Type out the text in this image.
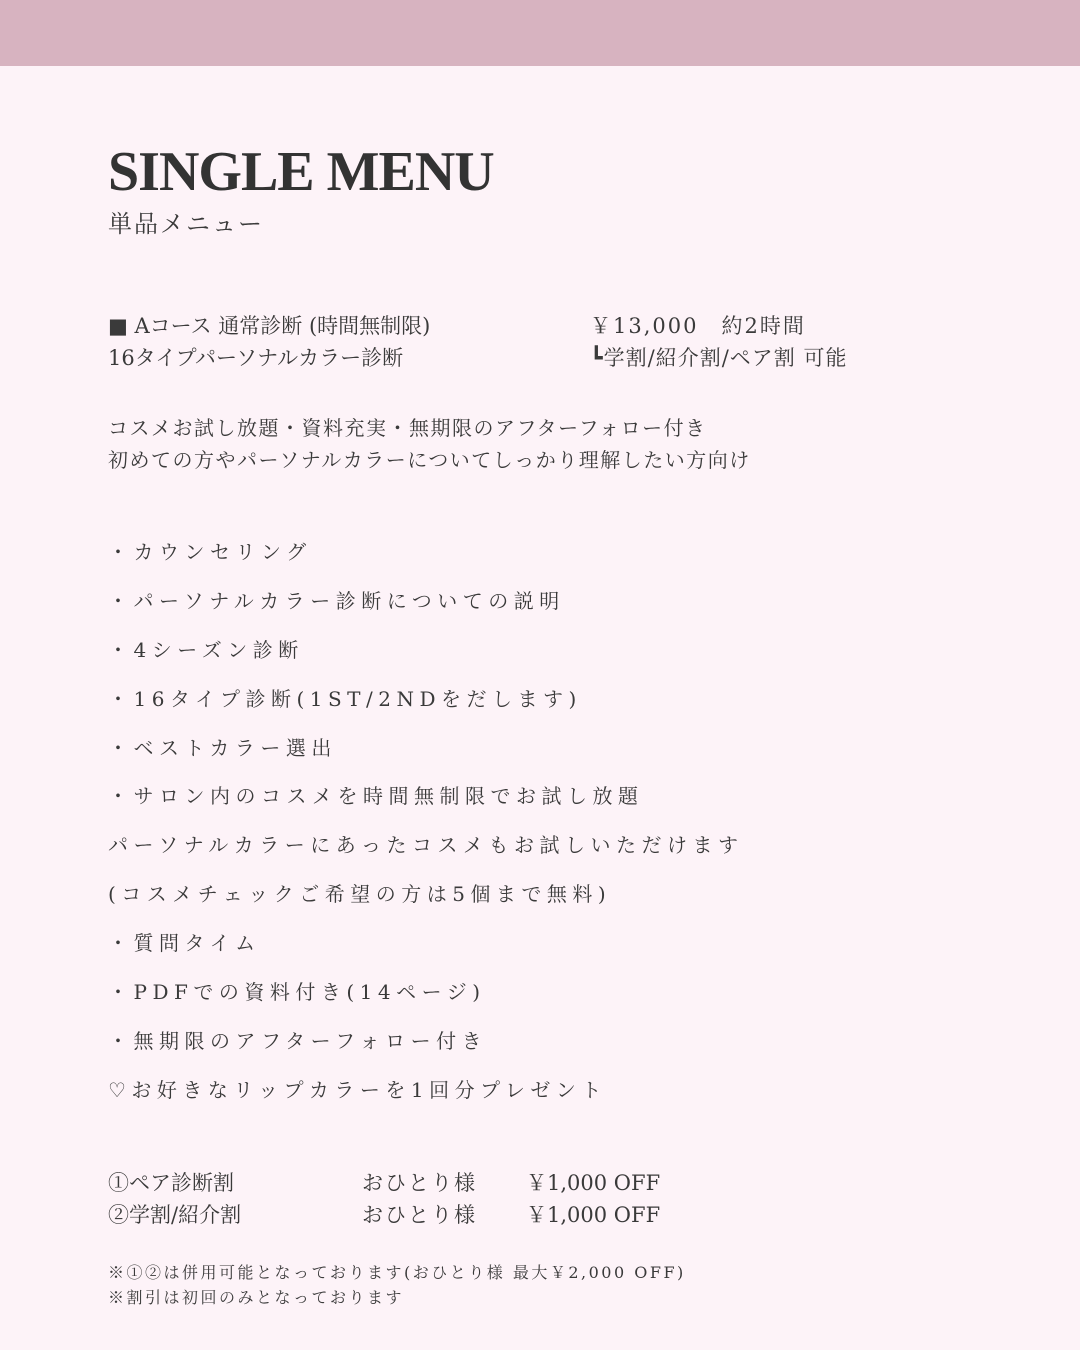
SINGLE MENU
単品メニュー
■ Aコース 通常診断 (時間無制限)
16タイプパーソナルカラー診断
￥13,000　約2時間
┗学割/紹介割/ペア割 可能
コスメお試し放題・資料充実・無期限のアフターフォロー付き
初めての方やパーソナルカラーについてしっかり理解したい方向け
・カウンセリング
・パーソナルカラー診断についての説明
・4シーズン診断
・16タイプ診断(1ST/2NDをだします)
・ベストカラー選出
・サロン内のコスメを時間無制限でお試し放題
パーソナルカラーにあったコスメもお試しいただけます
(コスメチェックご希望の方は5個まで無料)
・質問タイム
・PDFでの資料付き(14ページ)
・無期限のアフターフォロー付き
♡お好きなリップカラーを1回分プレゼント
①ペア診断割	おひとり様 ￥1,000 OFF
②学割/紹介割	おひとり様 ￥1,000 OFF
※①②は併用可能となっております(おひとり様 最大￥2,000 OFF)
※割引は初回のみとなっております
